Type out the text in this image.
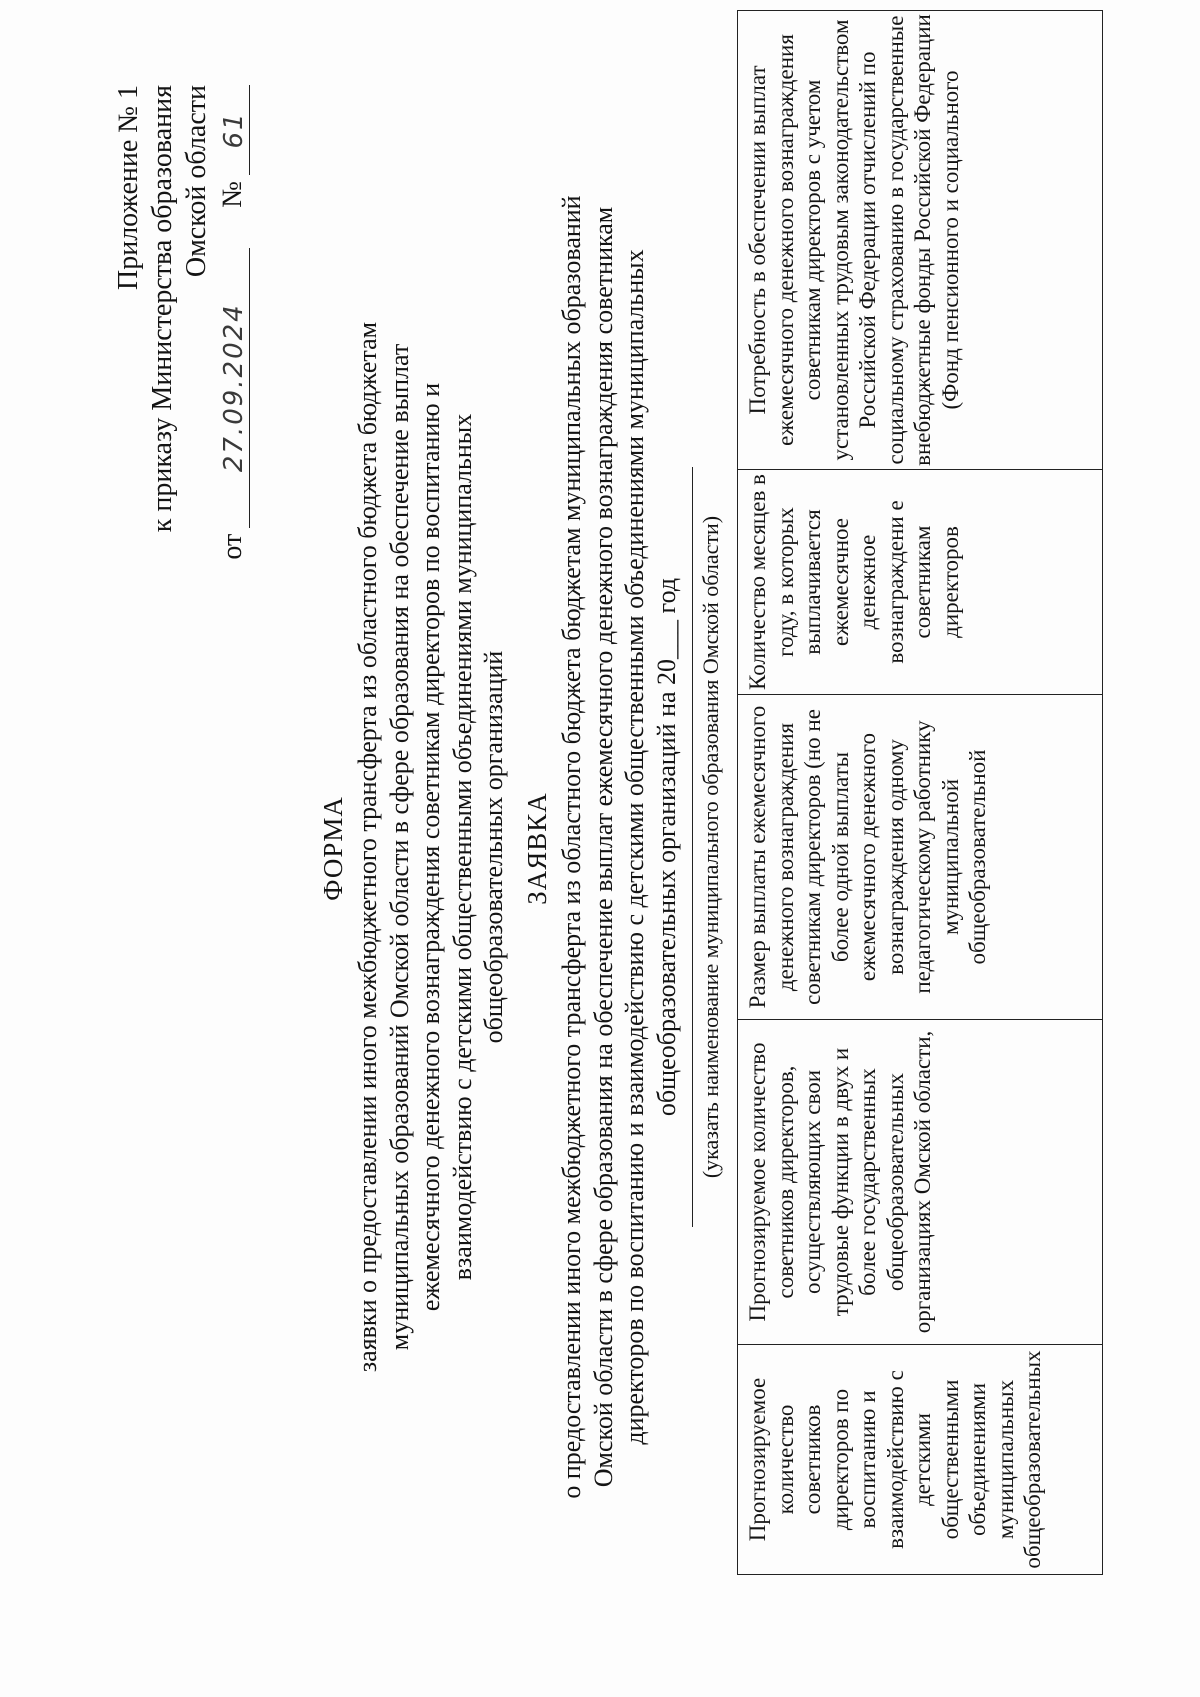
Приложение № 1 к приказу Министерства образования Омской области
от
27.09.2024
№
61
ФОРМА заявки о предоставлении иного межбюджетного трансферта из областного бюджета бюджетам муниципальных образований Омской области в сфере образования на обеспечение выплат ежемесячного денежного вознаграждения советникам директоров по воспитанию и взаимодействию с детскими общественными объединениями муниципальных общеобразовательных организаций ЗАЯВКА о предоставлении иного межбюджетного трансферта из областного бюджета бюджетам муниципальных образований Омской области в сфере образования на обеспечение выплат ежемесячного денежного вознаграждения советникам директоров по воспитанию и взаимодействию с детскими общественными объединениями муниципальных общеобразовательных организаций на 20___ год (указать наименование муниципального образования Омской области)
Прогнозируемое количество советников директоров по воспитанию и взаимодействию с детскими общественными объединениями муниципальных общеобразовательных	Прогнозируемое количество советников директоров, осуществляющих свои трудовые функции в двух и более государственных общеобразовательных организациях Омской области,	Размер выплаты ежемесячного денежного вознаграждения советникам директоров (но не более одной выплаты ежемесячного денежного вознаграждения одному педагогическому работнику муниципальной общеобразовательной	Количество месяцев в году, в которых выплачивается ежемесячное денежное вознаграждени е советникам директоров	Потребность в обеспечении выплат ежемесячного денежного вознаграждения советникам директоров с учетом установленных трудовым законодательством Российской Федерации отчислений по социальному страхованию в государственные внебюджетные фонды Российской Федерации (Фонд пенсионного и социального
